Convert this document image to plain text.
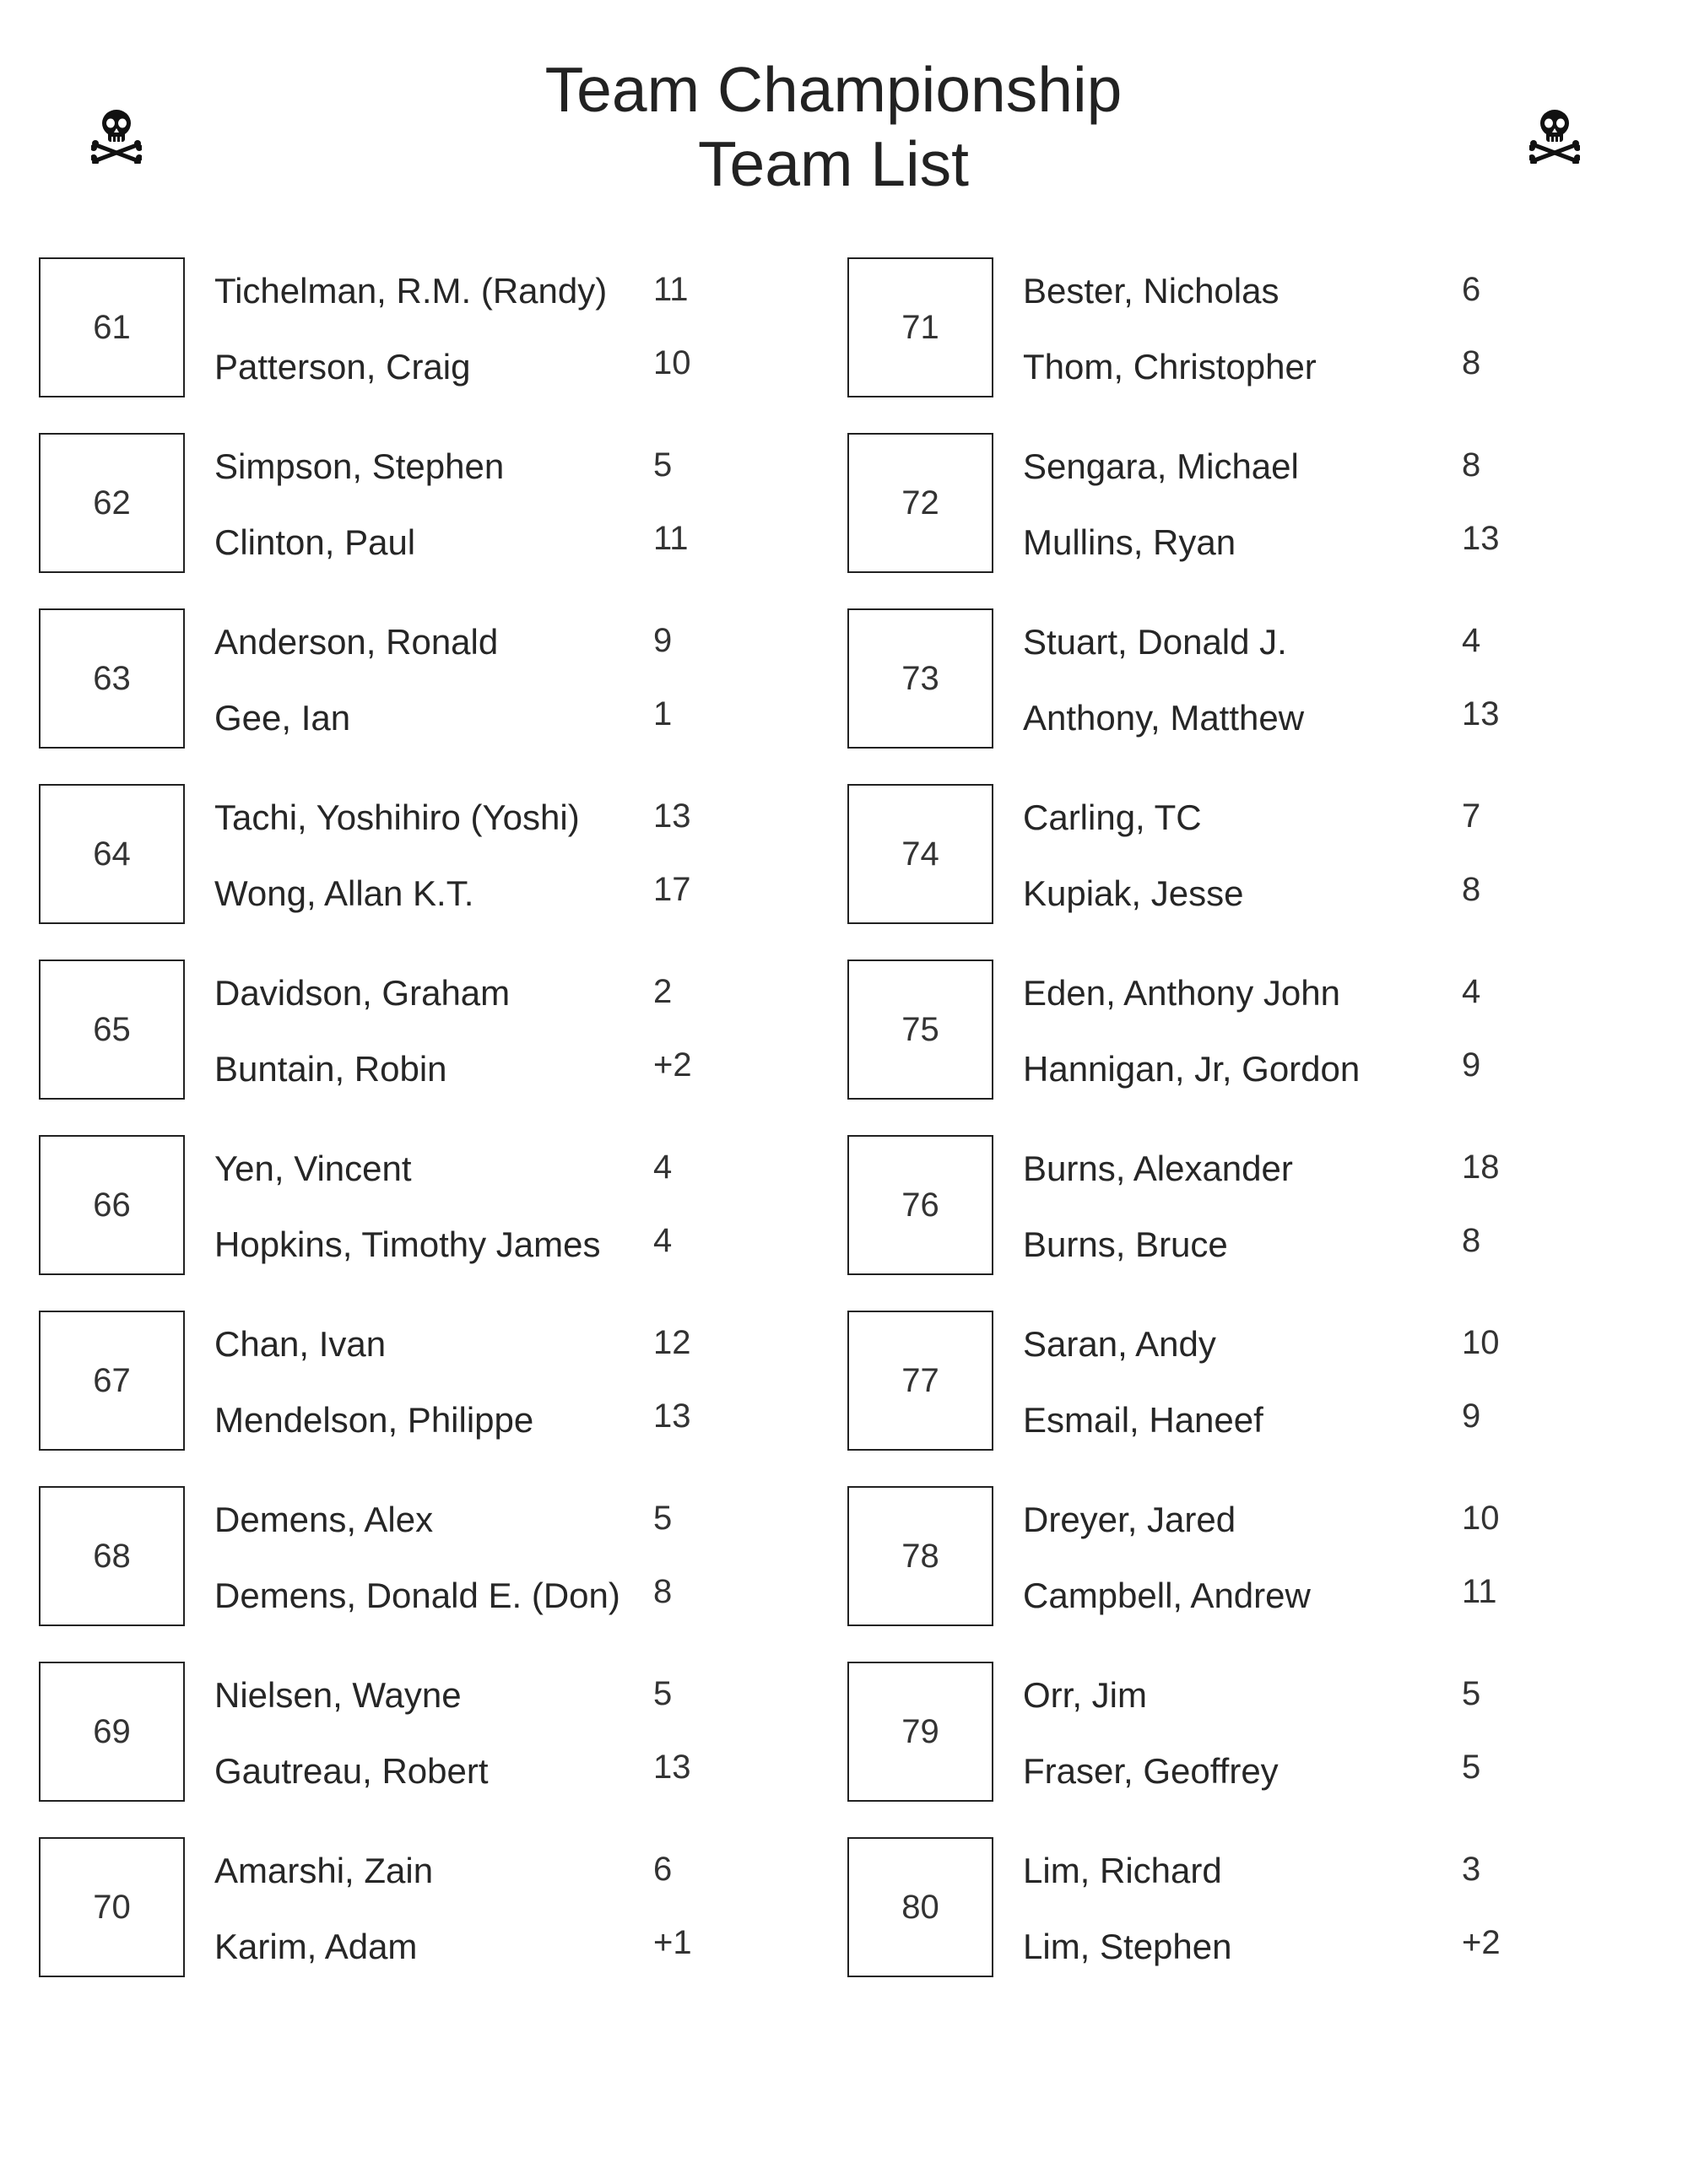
Team Championship
Team List
61
Tichelman, R.M. (Randy) 11
Patterson, Craig	10
62
Simpson, Stephen	5
Clinton, Paul	11
63
Anderson, Ronald	9
Gee, Ian	1
64
Tachi, Yoshihiro (Yoshi) 13
Wong, Allan K.T.	17
65
Davidson, Graham	2
Buntain, Robin	+2
66
Yen, Vincent	4
Hopkins, Timothy James 4
67
Chan, Ivan	12
Mendelson, Philippe	13
68
Demens, Alex	5
Demens, Donald E. (Don) 8
69
Nielsen, Wayne	5
Gautreau, Robert	13
70
Amarshi, Zain	6
Karim, Adam	+1
71
Bester, Nicholas	6
Thom, Christopher	8
72
Sengara, Michael	8
Mullins, Ryan	13
73
Stuart, Donald J.	4
Anthony, Matthew	13
74
Carling, TC	7
Kupiak, Jesse	8
75
Eden, Anthony John	4
Hannigan, Jr, Gordon	9
76
Burns, Alexander	18
Burns, Bruce	8
77
Saran, Andy	10
Esmail, Haneef	9
78
Dreyer, Jared	10
Campbell, Andrew	11
79
Orr, Jim	5
Fraser, Geoffrey	5
80
Lim, Richard	3
Lim, Stephen	+2
